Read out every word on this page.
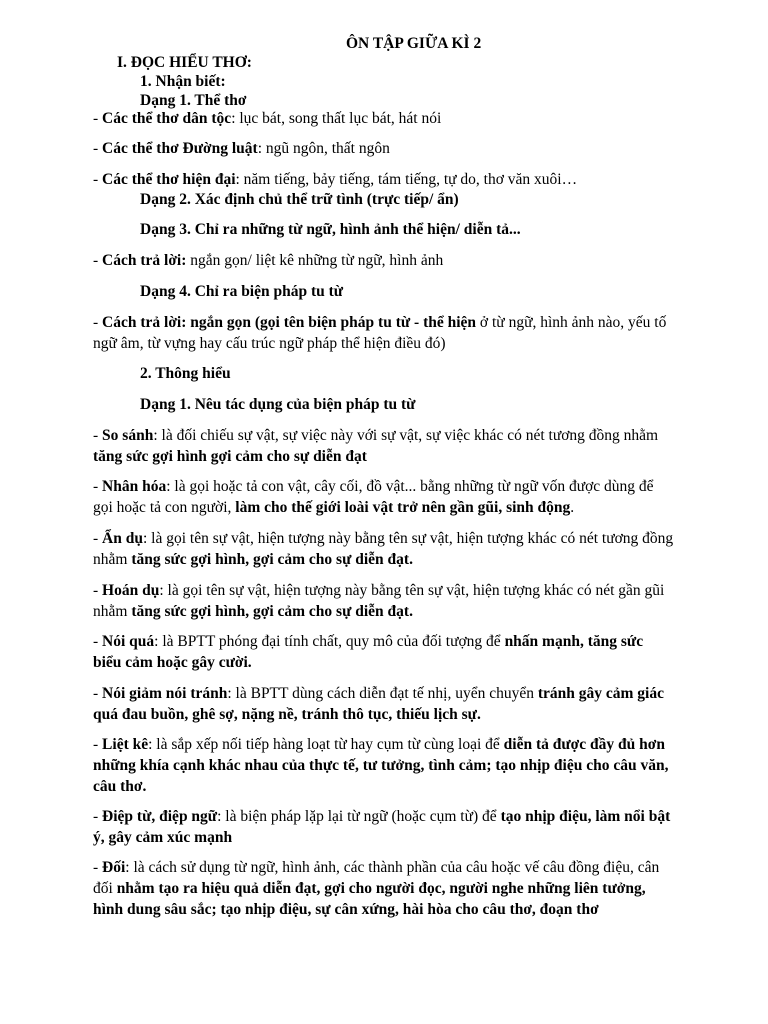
ÔN TẬP GIỮA KÌ 2
I. ĐỌC HIỂU THƠ:
1. Nhận biết:
Dạng 1. Thể thơ
- Các thể thơ dân tộc: lục bát, song thất lục bát, hát nói
- Các thể thơ Đường luật: ngũ ngôn, thất ngôn
- Các thể thơ hiện đại: năm tiếng, bảy tiếng, tám tiếng, tự do, thơ văn xuôi…
Dạng 2. Xác định chủ thể trữ tình (trực tiếp/ ẩn)
Dạng 3. Chỉ ra những từ ngữ, hình ảnh thể hiện/ diễn tả...
- Cách trả lời: ngắn gọn/ liệt kê những từ ngữ, hình ảnh
Dạng 4. Chỉ ra biện pháp tu từ
- Cách trả lời: ngắn gọn (gọi tên biện pháp tu từ - thể hiện ở từ ngữ, hình ảnh nào, yếu tố
ngữ âm, từ vựng hay cấu trúc ngữ pháp thể hiện điều đó)
2. Thông hiểu
Dạng 1. Nêu tác dụng của biện pháp tu từ
- So sánh: là đối chiếu sự vật, sự việc này với sự vật, sự việc khác có nét tương đồng nhằm
tăng sức gợi hình gợi cảm cho sự diễn đạt
- Nhân hóa: là gọi hoặc tả con vật, cây cối, đồ vật... bằng những từ ngữ vốn được dùng để
gọi hoặc tả con người, làm cho thế giới loài vật trở nên gần gũi, sinh động.
- Ẩn dụ: là gọi tên sự vật, hiện tượng này bằng tên sự vật, hiện tượng khác có nét tương đồng
nhằm tăng sức gợi hình, gợi cảm cho sự diễn đạt.
- Hoán dụ: là gọi tên sự vật, hiện tượng này bằng tên sự vật, hiện tượng khác có nét gần gũi
nhằm tăng sức gợi hình, gợi cảm cho sự diễn đạt.
- Nói quá: là BPTT phóng đại tính chất, quy mô của đối tượng để nhấn mạnh, tăng sức
biểu cảm hoặc gây cười.
- Nói giảm nói tránh: là BPTT dùng cách diễn đạt tế nhị, uyển chuyển tránh gây cảm giác
quá đau buồn, ghê sợ, nặng nề, tránh thô tục, thiếu lịch sự.
- Liệt kê: là sắp xếp nối tiếp hàng loạt từ hay cụm từ cùng loại để diễn tả được đầy đủ hơn
những khía cạnh khác nhau của thực tế, tư tưởng, tình cảm; tạo nhịp điệu cho câu văn,
câu thơ.
- Điệp từ, điệp ngữ: là biện pháp lặp lại từ ngữ (hoặc cụm từ) để tạo nhịp điệu, làm nổi bật
ý, gây cảm xúc mạnh
- Đối: là cách sử dụng từ ngữ, hình ảnh, các thành phần của câu hoặc vế câu đồng điệu, cân
đối nhằm tạo ra hiệu quả diễn đạt, gợi cho người đọc, người nghe những liên tưởng,
hình dung sâu sắc; tạo nhịp điệu, sự cân xứng, hài hòa cho câu thơ, đoạn thơ
